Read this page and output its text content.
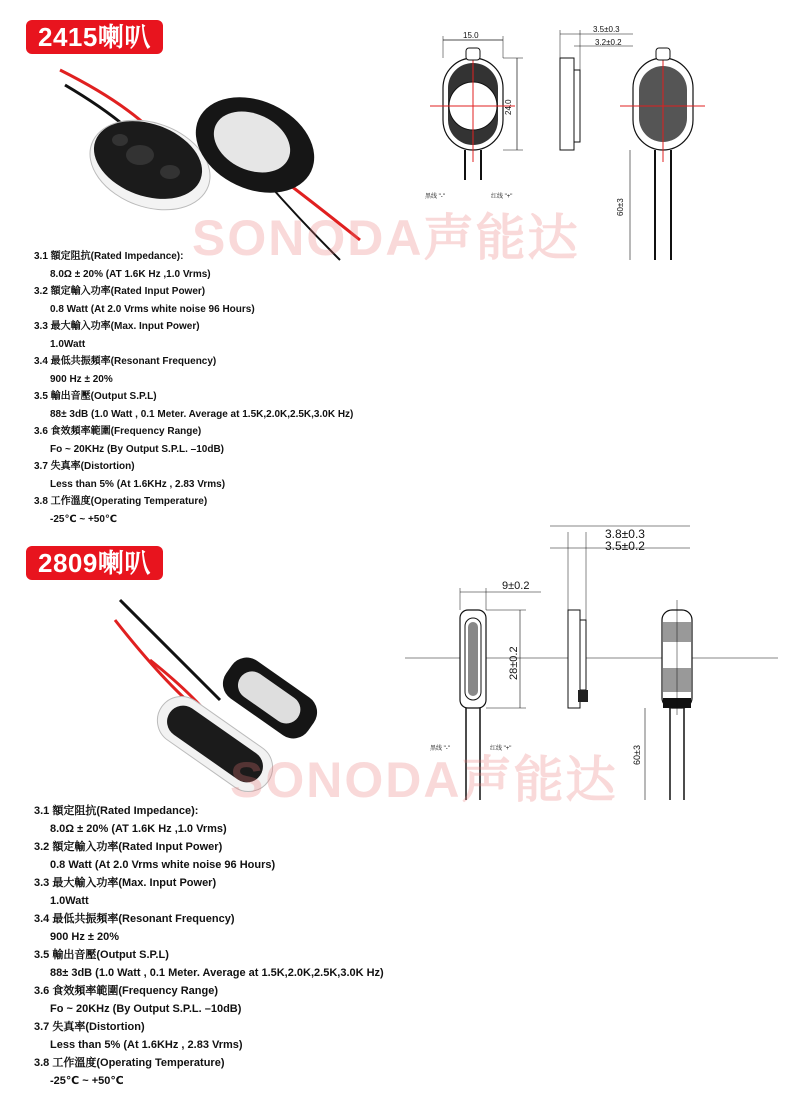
2415喇叭	15.0
24.0
黑线 "-"	红线 "+"
3.5±0.3
3.2±0.2
60±3
SONODA声能达
3.1 額定阻抗(Rated Impedance):
8.0Ω ± 20% (AT 1.6K Hz ,1.0 Vrms)
3.2 額定輸入功率(Rated Input Power)
0.8 Watt (At 2.0 Vrms white noise 96 Hours)
3.3 最大輸入功率(Max. Input Power)
1.0Watt
3.4 最低共振頻率(Resonant Frequency)
900 Hz ± 20%
3.5 輸出音壓(Output S.P.L)
88± 3dB (1.0 Watt , 0.1 Meter. Average at 1.5K,2.0K,2.5K,3.0K Hz)
3.6 食效頻率範圍(Frequency Range)
Fo ~ 20KHz (By Output S.P.L. –10dB)
3.7 失真率(Distortion)
Less than 5% (At 1.6KHz , 2.83 Vrms)
3.8 工作溫度(Operating Temperature)
-25℃ ~ +50℃
2809喇叭
9±0.2
28±0.2
黑线 "-"	红线 "+"
3.8±0.3
3.5±0.2
60±3
SONODA声能达
3.1 額定阻抗(Rated Impedance):
8.0Ω ± 20% (AT 1.6K Hz ,1.0 Vrms)
3.2 額定輸入功率(Rated Input Power)
0.8 Watt (At 2.0 Vrms white noise 96 Hours)
3.3 最大輸入功率(Max. Input Power)
1.0Watt
3.4 最低共振頻率(Resonant Frequency)
900 Hz ± 20%
3.5 輸出音壓(Output S.P.L)
88± 3dB (1.0 Watt , 0.1 Meter. Average at 1.5K,2.0K,2.5K,3.0K Hz)
3.6 食效頻率範圍(Frequency Range)
Fo ~ 20KHz (By Output S.P.L. –10dB)
3.7 失真率(Distortion)
Less than 5% (At 1.6KHz , 2.83 Vrms)
3.8 工作溫度(Operating Temperature)
-25℃ ~ +50℃
